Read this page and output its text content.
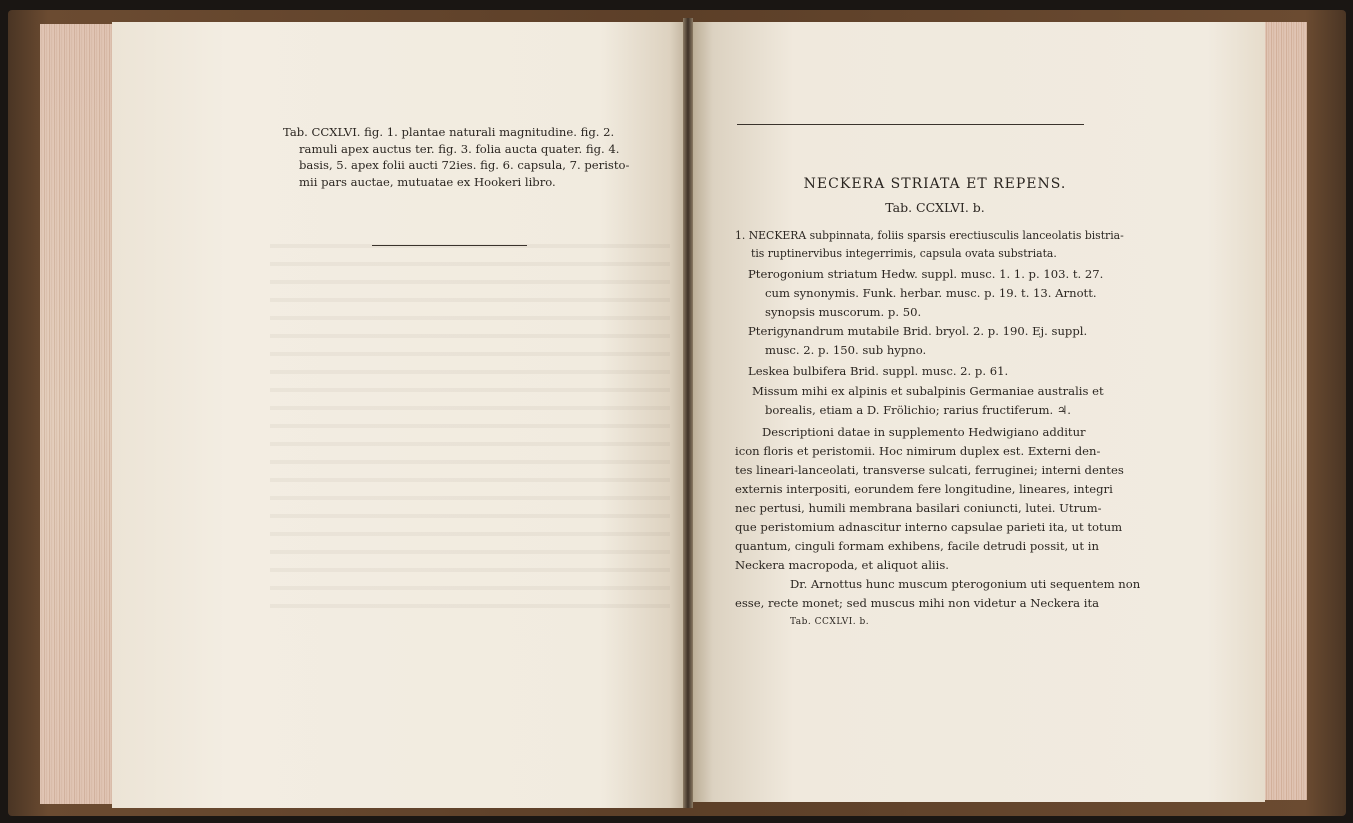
Tab. CCXLVI. fig. 1. plantae naturali magnitudine. fig. 2.

ramuli apex auctus ter. fig. 3. folia aucta quater. fig. 4.

basis, 5. apex folii aucti 72ies. fig. 6. capsula, 7. peristo-

mii pars auctae, mutuatae ex Hookeri libro.	NECKERA STRIATA ET REPENS.
Tab. CCXLVI. b.
1. NECKERA subpinnata, foliis sparsis erectiusculis lanceolatis bistria-
tis ruptinervibus integerrimis, capsula ovata substriata.
Pterogonium striatum Hedw. suppl. musc. 1. 1. p. 103. t. 27.
cum synonymis. Funk. herbar. musc. p. 19. t. 13. Arnott.
synopsis muscorum. p. 50.
Pterigynandrum mutabile Brid. bryol. 2. p. 190. Ej. suppl.
musc. 2. p. 150. sub hypno.
Leskea bulbifera Brid. suppl. musc. 2. p. 61.
Missum mihi ex alpinis et subalpinis Germaniae australis et
borealis, etiam a D. Frölichio; rarius fructiferum. ♃.
Descriptioni datae in supplemento Hedwigiano additur
icon floris et peristomii. Hoc nimirum duplex est. Externi den-
tes lineari-lanceolati, transverse sulcati, ferruginei; interni dentes
externis interpositi, eorundem fere longitudine, lineares, integri
nec pertusi, humili membrana basilari coniuncti, lutei. Utrum-
que peristomium adnascitur interno capsulae parieti ita, ut totum
quantum, cinguli formam exhibens, facile detrudi possit, ut in
Neckera macropoda, et aliquot aliis.
Dr. Arnottus hunc muscum pterogonium uti sequentem non
esse, recte monet; sed muscus mihi non videtur a Neckera ita
Tab. CCXLVI. b.
